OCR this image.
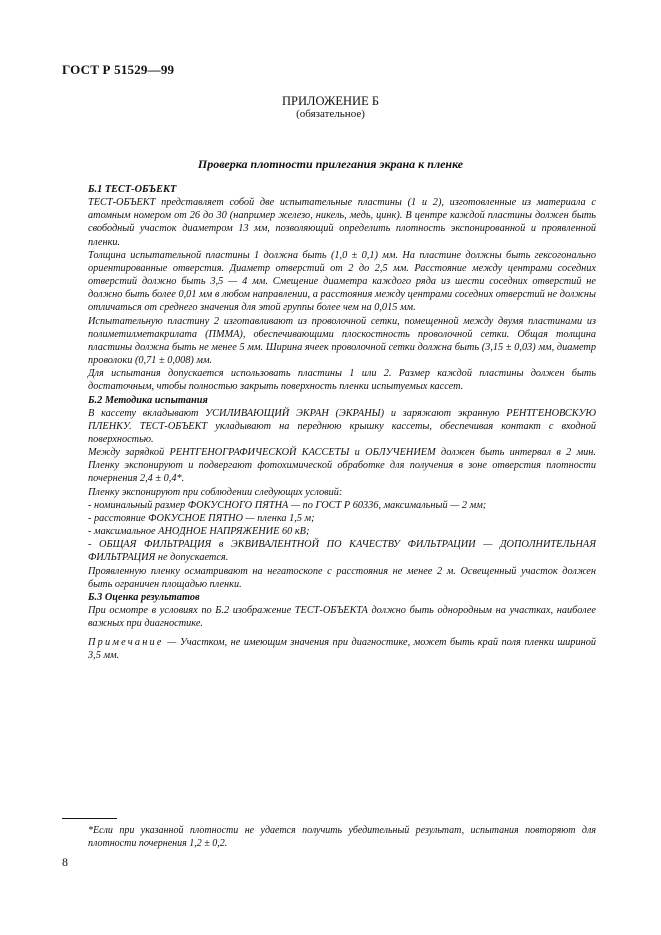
ГОСТ Р 51529—99
ПРИЛОЖЕНИЕ Б
(обязательное)
Проверка плотности прилегания экрана к пленке

Б.1 ТЕСТ-ОБЪЕКТ

ТЕСТ-ОБЪЕКТ представляет собой две испытательные пластины (1 и 2), изготовленные из материала с атомным номером от 26 до 30 (например железо, никель, медь, цинк). В центре каждой пластины должен быть свободный участок диаметром 13 мм, позволяющий определить плотность экспонированной и проявленной пленки.

Толщина испытательной пластины 1 должна быть (1,0 ± 0,1) мм. На пластине должны быть гексогонально ориентированные отверстия. Диаметр отверстий от 2 до 2,5 мм. Расстояние между центрами соседних отверстий должно быть 3,5 — 4 мм. Смещение диаметра каждого ряда из шести соседних отверстий не должно быть более 0,01 мм в любом направлении, а расстояния между центрами соседних отверстий не должны отличаться от среднего значения для этой группы более чем на 0,015 мм.

Испытательную пластину 2 изготавливают из проволочной сетки, помещенной между двумя пластинами из полиметилметакрилата (ПММА), обеспечивающими плоскостность проволочной сетки. Общая толщина пластины должна быть не менее 5 мм. Ширина ячеек проволочной сетки должна быть (3,15 ± 0,03) мм, диаметр проволоки (0,71 ± 0,008) мм.

Для испытания допускается использовать пластины 1 или 2. Размер каждой пластины должен быть достаточным, чтобы полностью закрыть поверхность пленки испытуемых кассет.

Б.2 Методика испытания

В кассету вкладывают УСИЛИВАЮЩИЙ ЭКРАН (ЭКРАНЫ) и заряжают экранную РЕНТГЕНОВСКУЮ ПЛЕНКУ. ТЕСТ-ОБЪЕКТ укладывают на переднюю крышку кассеты, обеспечивая контакт с входной поверхностью.

Между зарядкой РЕНТГЕНОГРАФИЧЕСКОЙ КАССЕТЫ и ОБЛУЧЕНИЕМ должен быть интервал в 2 мин. Пленку экспонируют и подвергают фотохимической обработке для получения в зоне отверстия плотности почернения 2,4 ± 0,4*.

Пленку экспонируют при соблюдении следующих условий:

- номинальный размер ФОКУСНОГО ПЯТНА — по ГОСТ Р 60336, максимальный — 2 мм;

- расстояние ФОКУСНОЕ ПЯТНО — пленка 1,5 м;

- максимальное АНОДНОЕ НАПРЯЖЕНИЕ 60 кВ;

- ОБЩАЯ ФИЛЬТРАЦИЯ в ЭКВИВАЛЕНТНОЙ ПО КАЧЕСТВУ ФИЛЬТРАЦИИ — ДОПОЛНИТЕЛЬНАЯ ФИЛЬТРАЦИЯ не допускается.

Проявленную пленку осматривают на негатоскопе с расстояния не менее 2 м. Освещенный участок должен быть ограничен площадью пленки.

Б.3 Оценка результатов

При осмотре в условиях по Б.2 изображение ТЕСТ-ОБЪЕКТА должно быть однородным на участках, наиболее важных при диагностике.

Примечание — Участком, не имеющим значения при диагностике, может быть край поля пленки шириной 3,5 мм.

*Если при указанной плотности не удается получить убедительный результат, испытания повторяют для плотности почернения 1,2 ± 0,2.
8
